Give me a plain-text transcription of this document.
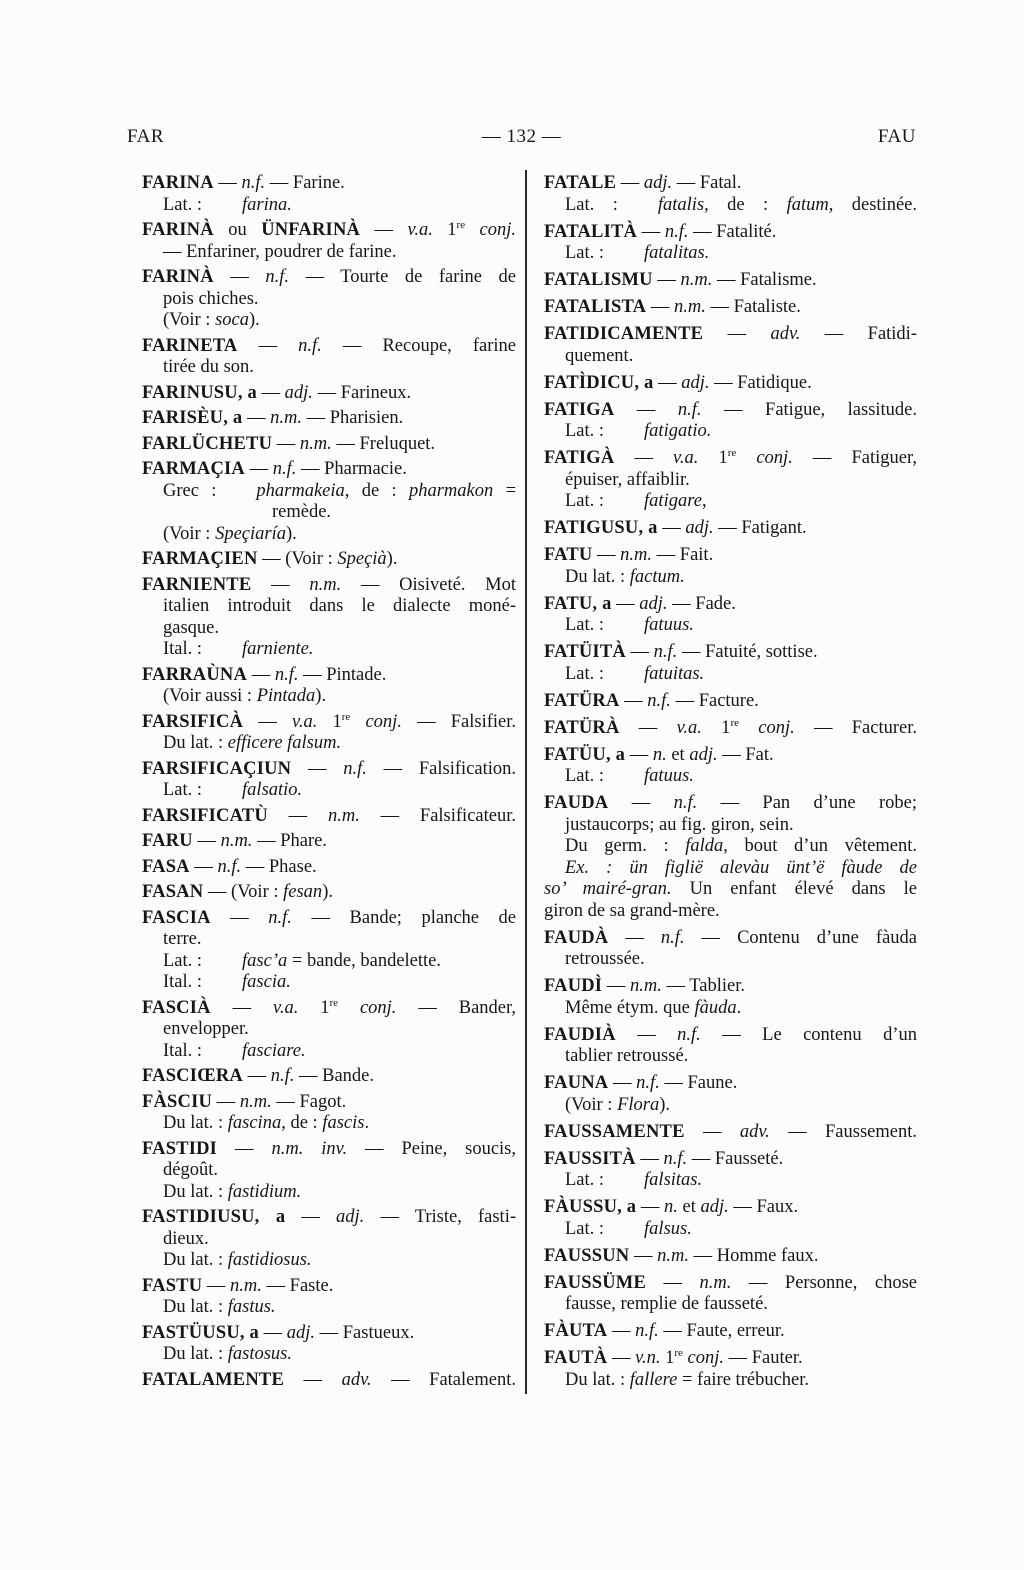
FAR	— 132 —	FAU
FARINA — n.f. — Farine.
Lat. : farina.
FARINÀ ou ÜNFARINÀ — v.a. 1re conj.
— Enfariner, poudrer de farine.
FARINÀ — n.f. — Tourte de farine de
pois chiches.
(Voir : soca).
FARINETA — n.f. — Recoupe, farine
tirée du son.
FARINUSU, a — adj. — Farineux.
FARISÈU, a — n.m. — Pharisien.
FARLÜCHETU — n.m. — Freluquet.
FARMAÇIA — n.f. — Pharmacie.
Grec : pharmakeia, de : pharmakon =
remède.
(Voir : Speçiaría).
FARMAÇIEN — (Voir : Speçià).
FARNIENTE — n.m. — Oisiveté. Mot
italien introduit dans le dialecte moné-
gasque.
Ital. : farniente.
FARRAÙNA — n.f. — Pintade.
(Voir aussi : Pintada).
FARSIFICÀ — v.a. 1re conj. — Falsifier.
Du lat. : efficere falsum.
FARSIFICAÇIUN — n.f. — Falsification.
Lat. : falsatio.
FARSIFICATÙ — n.m. — Falsificateur.
FARU — n.m. — Phare.
FASA — n.f. — Phase.
FASAN — (Voir : fesan).
FASCIA — n.f. — Bande; planche de
terre.
Lat. : fasc’a = bande, bandelette.
Ital. : fascia.
FASCIÀ — v.a. 1re conj. — Bander,
envelopper.
Ital. : fasciare.
FASCIŒRA — n.f. — Bande.
FÀSCIU — n.m. — Fagot.
Du lat. : fascina, de : fascis.
FASTIDI — n.m. inv. — Peine, soucis,
dégoût.
Du lat. : fastidium.
FASTIDIUSU, a — adj. — Triste, fasti-
dieux.
Du lat. : fastidiosus.
FASTU — n.m. — Faste.
Du lat. : fastus.
FASTÜUSU, a — adj. — Fastueux.
Du lat. : fastosus.
FATALAMENTE — adv. — Fatalement.
FATALE — adj. — Fatal.
Lat. : fatalis, de : fatum, destinée.
FATALITÀ — n.f. — Fatalité.
Lat. : fatalitas.
FATALISMU — n.m. — Fatalisme.
FATALISTA — n.m. — Fataliste.
FATIDICAMENTE — adv. — Fatidi-
quement.
FATÌDICU, a — adj. — Fatidique.
FATIGA — n.f. — Fatigue, lassitude.
Lat. : fatigatio.
FATIGÀ — v.a. 1re conj. — Fatiguer,
épuiser, affaiblir.
Lat. : fatigare,
FATIGUSU, a — adj. — Fatigant.
FATU — n.m. — Fait.
Du lat. : factum.
FATU, a — adj. — Fade.
Lat. : fatuus.
FATÜITÀ — n.f. — Fatuité, sottise.
Lat. : fatuitas.
FATÜRA — n.f. — Facture.
FATÜRÀ — v.a. 1re conj. — Facturer.
FATÜU, a — n. et adj. — Fat.
Lat. : fatuus.
FAUDA — n.f. — Pan d’une robe;
justaucorps; au fig. giron, sein.
Du germ. : falda, bout d’un vêtement.
Ex. : ün figlië alevàu ünt’ë fàude de
so’ mairé-gran. Un enfant élevé dans le
giron de sa grand-mère.
FAUDÀ — n.f. — Contenu d’une fàuda
retroussée.
FAUDÌ — n.m. — Tablier.
Même étym. que fàuda.
FAUDIÀ — n.f. — Le contenu d’un
tablier retroussé.
FAUNA — n.f. — Faune.
(Voir : Flora).
FAUSSAMENTE — adv. — Faussement.
FAUSSITÀ — n.f. — Fausseté.
Lat. : falsitas.
FÀUSSU, a — n. et adj. — Faux.
Lat. : falsus.
FAUSSUN — n.m. — Homme faux.
FAUSSÜME — n.m. — Personne, chose
fausse, remplie de fausseté.
FÀUTA — n.f. — Faute, erreur.
FAUTÀ — v.n. 1re conj. — Fauter.
Du lat. : fallere = faire trébucher.
